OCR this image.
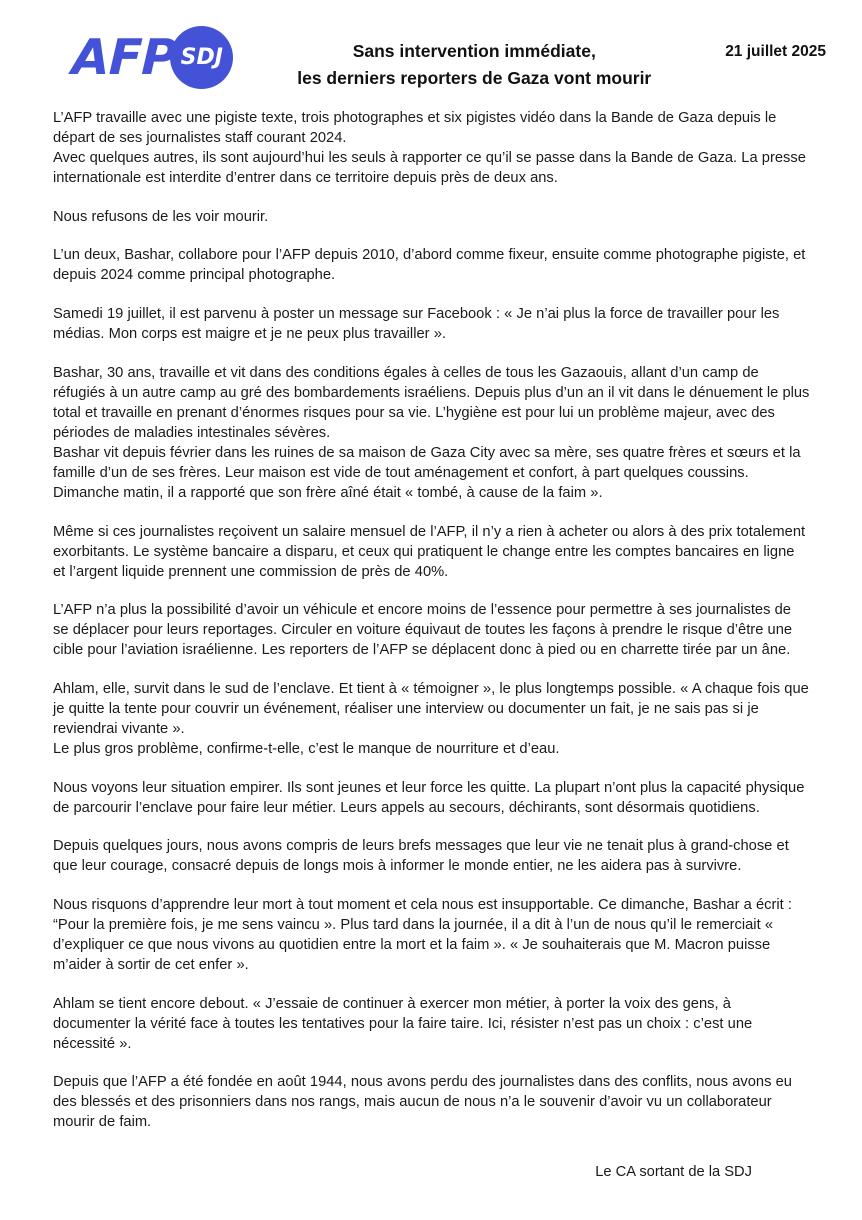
AFP SDJ	Sans intervention immédiate,
les derniers reporters de Gaza vont mourir
21 juillet 2025

L’AFP travaille avec une pigiste texte, trois photographes et six pigistes vidéo dans la Bande de Gaza depuis le départ de ses journalistes staff courant 2024.
Avec quelques autres, ils sont aujourd’hui les seuls à rapporter ce qu’il se passe dans la Bande de Gaza. La presse internationale est interdite d’entrer dans ce territoire depuis près de deux ans.

Nous refusons de les voir mourir.

L’un deux, Bashar, collabore pour l’AFP depuis 2010, d’abord comme fixeur, ensuite comme photographe pigiste, et depuis 2024 comme principal photographe.

Samedi 19 juillet, il est parvenu à poster un message sur Facebook : « Je n’ai plus la force de travailler pour les médias. Mon corps est maigre et je ne peux plus travailler ».

Bashar, 30 ans, travaille et vit dans des conditions égales à celles de tous les Gazaouis, allant d’un camp de réfugiés à un autre camp au gré des bombardements israéliens. Depuis plus d’un an il vit dans le dénuement le plus total et travaille en prenant d’énormes risques pour sa vie. L’hygiène est pour lui un problème majeur, avec des périodes de maladies intestinales sévères.
Bashar vit depuis février dans les ruines de sa maison de Gaza City avec sa mère, ses quatre frères et sœurs et la famille d’un de ses frères. Leur maison est vide de tout aménagement et confort, à part quelques coussins. Dimanche matin, il a rapporté que son frère aîné était « tombé, à cause de la faim ».

Même si ces journalistes reçoivent un salaire mensuel de l’AFP, il n’y a rien à acheter ou alors à des prix totalement exorbitants. Le système bancaire a disparu, et ceux qui pratiquent le change entre les comptes bancaires en ligne et l’argent liquide prennent une commission de près de 40%.

L’AFP n’a plus la possibilité d’avoir un véhicule et encore moins de l’essence pour permettre à ses journalistes de se déplacer pour leurs reportages. Circuler en voiture équivaut de toutes les façons à prendre le risque d’être une cible pour l’aviation israélienne. Les reporters de l’AFP se déplacent donc à pied ou en charrette tirée par un âne.

Ahlam, elle, survit dans le sud de l’enclave. Et tient à « témoigner », le plus longtemps possible. « A chaque fois que je quitte la tente pour couvrir un événement, réaliser une interview ou documenter un fait, je ne sais pas si je reviendrai vivante ».
Le plus gros problème, confirme-t-elle, c’est le manque de nourriture et d’eau.

Nous voyons leur situation empirer. Ils sont jeunes et leur force les quitte. La plupart n’ont plus la capacité physique de parcourir l’enclave pour faire leur métier. Leurs appels au secours, déchirants, sont désormais quotidiens.

Depuis quelques jours, nous avons compris de leurs brefs messages que leur vie ne tenait plus à grand-chose et que leur courage, consacré depuis de longs mois à informer le monde entier, ne les aidera pas à survivre.

Nous risquons d’apprendre leur mort à tout moment et cela nous est insupportable. Ce dimanche, Bashar a écrit : “Pour la première fois, je me sens vaincu ». Plus tard dans la journée, il a dit à l’un de nous qu’il le remerciait « d’expliquer ce que nous vivons au quotidien entre la mort et la faim ». « Je souhaiterais que M. Macron puisse m’aider à sortir de cet enfer ».

Ahlam se tient encore debout. « J’essaie de continuer à exercer mon métier, à porter la voix des gens, à documenter la vérité face à toutes les tentatives pour la faire taire. Ici, résister n’est pas un choix : c’est une nécessité ».

Depuis que l’AFP a été fondée en août 1944, nous avons perdu des journalistes dans des conflits, nous avons eu des blessés et des prisonniers dans nos rangs, mais aucun de nous n’a le souvenir d’avoir vu un collaborateur mourir de faim.

Le CA sortant de la SDJ
